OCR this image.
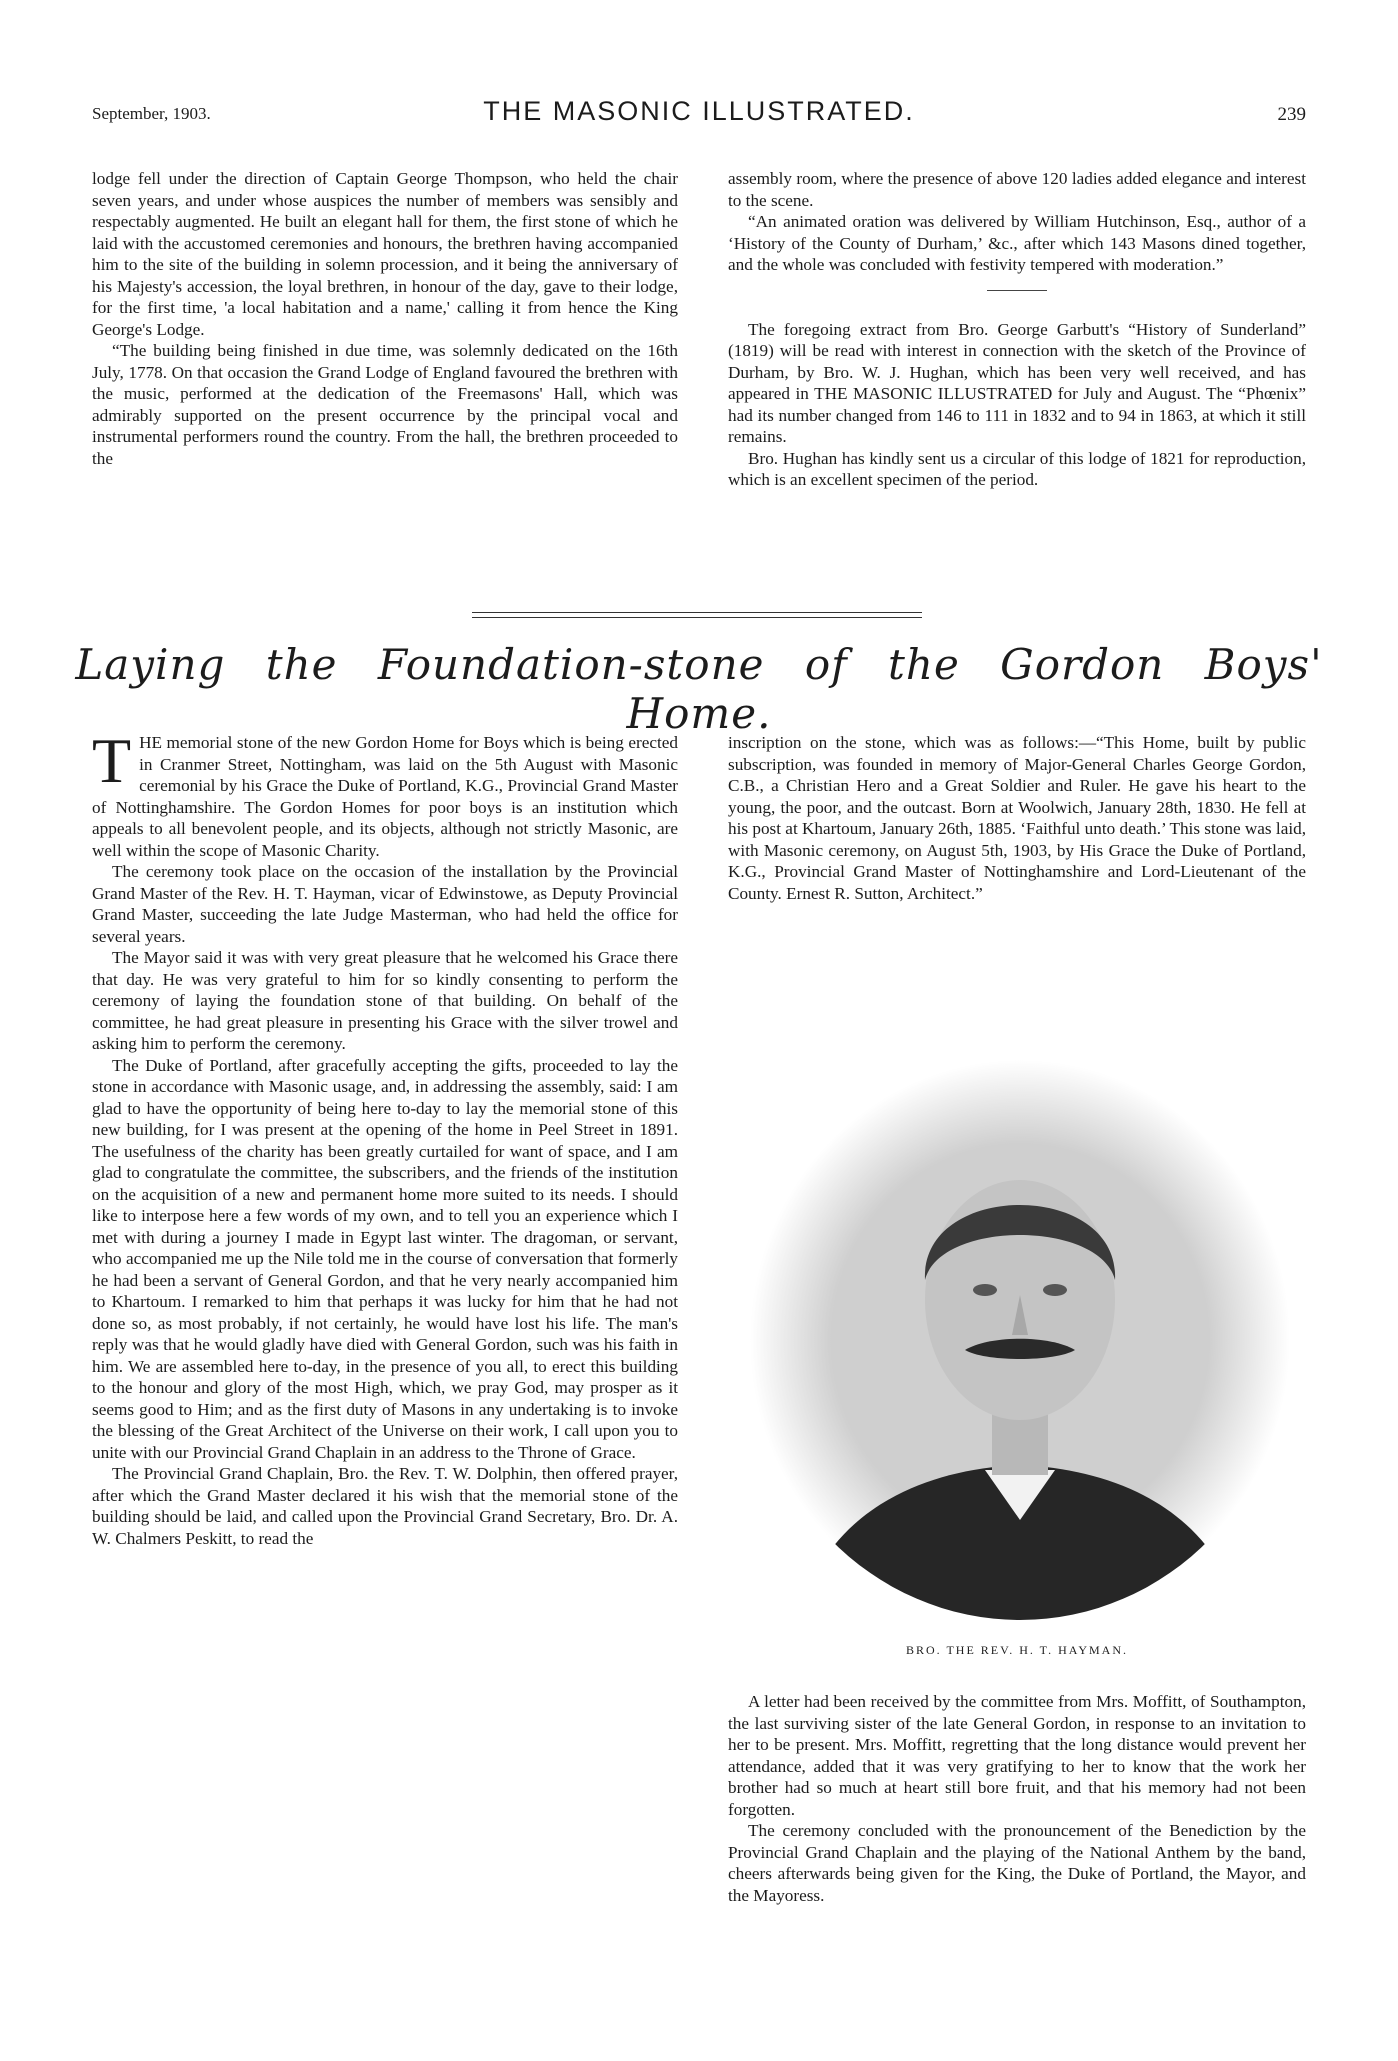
September, 1903.	THE MASONIC ILLUSTRATED.	239

lodge fell under the direction of Captain George Thompson, who held the chair seven years, and under whose auspices the number of members was sensibly and respectably augmented. He built an elegant hall for them, the first stone of which he laid with the accustomed ceremonies and honours, the brethren having accompanied him to the site of the building in solemn procession, and it being the anniversary of his Majesty's accession, the loyal brethren, in honour of the day, gave to their lodge, for the first time, 'a local habitation and a name,' calling it from hence the King George's Lodge.

“The building being finished in due time, was solemnly dedicated on the 16th July, 1778. On that occasion the Grand Lodge of England favoured the brethren with the music, performed at the dedication of the Freemasons' Hall, which was admirably supported on the present occurrence by the principal vocal and instrumental performers round the country. From the hall, the brethren proceeded to the

assembly room, where the presence of above 120 ladies added elegance and interest to the scene.

“An animated oration was delivered by William Hutchinson, Esq., author of a ‘History of the County of Durham,’ &c., after which 143 Masons dined together, and the whole was concluded with festivity tempered with moderation.”

The foregoing extract from Bro. George Garbutt's “History of Sunderland” (1819) will be read with interest in connection with the sketch of the Province of Durham, by Bro. W. J. Hughan, which has been very well received, and has appeared in THE MASONIC ILLUSTRATED for July and August. The “Phœnix” had its number changed from 146 to 111 in 1832 and to 94 in 1863, at which it still remains.

Bro. Hughan has kindly sent us a circular of this lodge of 1821 for reproduction, which is an excellent specimen of the period.

Laying the Foundation-stone of the Gordon Boys' Home.

THE memorial stone of the new Gordon Home for Boys which is being erected in Cranmer Street, Nottingham, was laid on the 5th August with Masonic ceremonial by his Grace the Duke of Portland, K.G., Provincial Grand Master of Nottinghamshire. The Gordon Homes for poor boys is an institution which appeals to all benevolent people, and its objects, although not strictly Masonic, are well within the scope of Masonic Charity.

The ceremony took place on the occasion of the installation by the Provincial Grand Master of the Rev. H. T. Hayman, vicar of Edwinstowe, as Deputy Provincial Grand Master, succeeding the late Judge Masterman, who had held the office for several years.

The Mayor said it was with very great pleasure that he welcomed his Grace there that day. He was very grateful to him for so kindly consenting to perform the ceremony of laying the foundation stone of that building. On behalf of the committee, he had great pleasure in presenting his Grace with the silver trowel and asking him to perform the ceremony.

The Duke of Portland, after gracefully accepting the gifts, proceeded to lay the stone in accordance with Masonic usage, and, in addressing the assembly, said: I am glad to have the opportunity of being here to-day to lay the memorial stone of this new building, for I was present at the opening of the home in Peel Street in 1891. The usefulness of the charity has been greatly curtailed for want of space, and I am glad to congratulate the committee, the subscribers, and the friends of the institution on the acquisition of a new and permanent home more suited to its needs. I should like to interpose here a few words of my own, and to tell you an experience which I met with during a journey I made in Egypt last winter. The dragoman, or servant, who accompanied me up the Nile told me in the course of conversation that formerly he had been a servant of General Gordon, and that he very nearly accompanied him to Khartoum. I remarked to him that perhaps it was lucky for him that he had not done so, as most probably, if not certainly, he would have lost his life. The man's reply was that he would gladly have died with General Gordon, such was his faith in him. We are assembled here to-day, in the presence of you all, to erect this building to the honour and glory of the most High, which, we pray God, may prosper as it seems good to Him; and as the first duty of Masons in any undertaking is to invoke the blessing of the Great Architect of the Universe on their work, I call upon you to unite with our Provincial Grand Chaplain in an address to the Throne of Grace.

The Provincial Grand Chaplain, Bro. the Rev. T. W. Dolphin, then offered prayer, after which the Grand Master declared it his wish that the memorial stone of the building should be laid, and called upon the Provincial Grand Secretary, Bro. Dr. A. W. Chalmers Peskitt, to read the

inscription on the stone, which was as follows:—“This Home, built by public subscription, was founded in memory of Major-General Charles George Gordon, C.B., a Christian Hero and a Great Soldier and Ruler. He gave his heart to the young, the poor, and the outcast. Born at Woolwich, January 28th, 1830. He fell at his post at Khartoum, January 26th, 1885. ‘Faithful unto death.’ This stone was laid, with Masonic ceremony, on August 5th, 1903, by His Grace the Duke of Portland, K.G., Provincial Grand Master of Nottinghamshire and Lord-Lieutenant of the County. Ernest R. Sutton, Architect.”

BRO. THE REV. H. T. HAYMAN.

A letter had been received by the committee from Mrs. Moffitt, of Southampton, the last surviving sister of the late General Gordon, in response to an invitation to her to be present. Mrs. Moffitt, regretting that the long distance would prevent her attendance, added that it was very gratifying to her to know that the work her brother had so much at heart still bore fruit, and that his memory had not been forgotten.

The ceremony concluded with the pronouncement of the Benediction by the Provincial Grand Chaplain and the playing of the National Anthem by the band, cheers afterwards being given for the King, the Duke of Portland, the Mayor, and the Mayoress.
